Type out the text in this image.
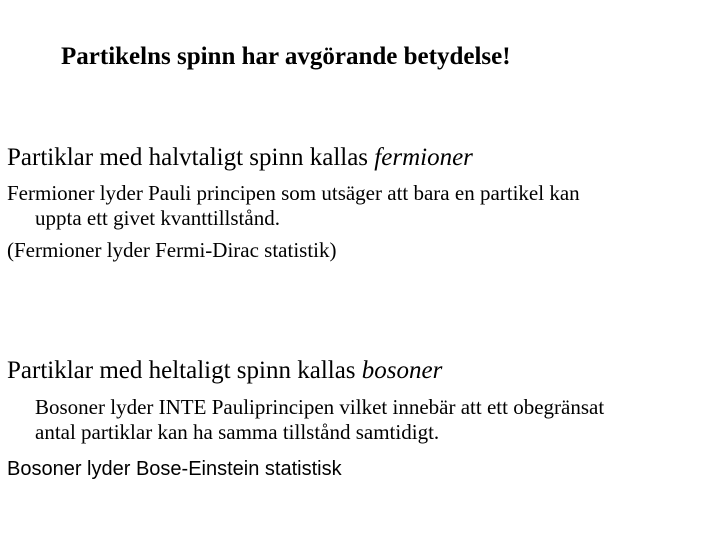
Partikelns spinn har avgörande betydelse!
Partiklar med halvtaligt spinn kallas fermioner
Fermioner lyder Pauli principen som utsäger att bara en partikel kan
uppta ett givet kvanttillstånd.
(Fermioner lyder Fermi-Dirac statistik)
Partiklar med heltaligt spinn kallas bosoner
Bosoner lyder INTE Pauliprincipen vilket innebär att ett obegränsat
antal partiklar kan ha samma tillstånd samtidigt.
Bosoner lyder Bose-Einstein statistisk
